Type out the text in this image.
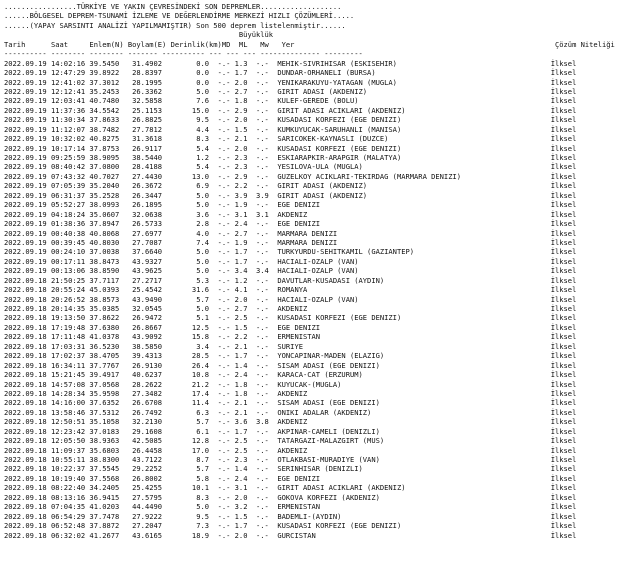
.................TÜRKİYE VE YAKIN ÇEVRESİNDEKİ SON DEPREMLER...................
......BÖLGESEL DEPREM-TSUNAMİ İZLEME VE DEĞERLENDİRME MERKEZİ HIZLI ÇÖZÜMLERİ.....
......(YAPAY SARSINTI ANALİZİ YAPILMAMIŞTIR) Son 500 deprem listelenmiştir......
Büyüklük
Tarih      Saat     Enlem(N) Boylam(E) Derinlik(km)MD  ML   Mw   Yer                                                             Çözüm Niteliği
---------- -------- -------- ------- ---------- --- --- --- -------------- ---------
2022.09.19 14:02:16 39.5450   31.4902        0.0  -.- 1.3  -.-  MEHIK-SIVRIHISAR (ESKISEHIR)                                    İlksel
2022.09.19 12:47:29 39.8922   28.8397        0.0  -.- 1.7  -.-  DUNDAR-ORHANELI (BURSA)                                         İlksel
2022.09.19 12:41:02 37.3012   28.1995        0.0  -.- 2.0  -.-  YENIKARAKUYU-YATAGAN (MUGLA)                                    İlksel
2022.09.19 12:12:41 35.2453   26.3362        5.0  -.- 2.7  -.-  GIRIT ADASI (AKDENIZ)                                           İlksel
2022.09.19 12:03:41 40.7480   32.5858        7.6  -.- 1.8  -.-  KULEF-GEREDE (BOLU)                                             İlksel
2022.09.19 11:37:36 34.5542   25.1153       15.0  -.- 2.9  -.-  GIRIT ADASI ACIKLARI (AKDENIZ)                                  İlksel
2022.09.19 11:30:34 37.8633   26.8825        9.5  -.- 2.0  -.-  KUSADASI KORFEZI (EGE DENIZI)                                   İlksel
2022.09.19 11:12:07 38.7482   27.7812        4.4  -.- 1.5  -.-  KUMKUYUCAK-SARUHANLI (MANISA)                                   İlksel
2022.09.19 10:32:02 40.8275   31.3618        8.3  -.- 2.1  -.-  SARICOKEK-KAYNASLI (DUZCE)                                      İlksel
2022.09.19 10:17:14 37.8753   26.9117        5.4  -.- 2.0  -.-  KUSADASI KORFEZI (EGE DENIZI)                                   İlksel
2022.09.19 09:25:59 38.9095   38.5440        1.2  -.- 2.3  -.-  ESKIARAPKIR-ARAPGIR (MALATYA)                                   İlksel
2022.09.19 08:40:42 37.0800   28.4188        5.4  -.- 2.3  -.-  YESILOVA-ULA (MUGLA)                                            İlksel
2022.09.19 07:43:32 40.7027   27.4430       13.0  -.- 2.9  -.-  GUZELKOY ACIKLARI-TEKIRDAG (MARMARA DENIZI)                     İlksel
2022.09.19 07:05:39 35.2040   26.3672        6.9  -.- 2.2  -.-  GIRIT ADASI (AKDENIZ)                                           İlksel
2022.09.19 06:31:37 35.2528   26.3447        5.0  -.- 3.9  3.9  GIRIT ADASI (AKDENIZ)                                           İlksel
2022.09.19 05:52:27 38.0993   26.1895        5.0  -.- 1.9  -.-  EGE DENIZI                                                      İlksel
2022.09.19 04:18:24 35.0607   32.0638        3.6  -.- 3.1  3.1  AKDENIZ                                                         İlksel
2022.09.19 01:38:36 37.8947   26.5733        2.8  -.- 2.4  -.-  EGE DENIZI                                                      İlksel
2022.09.19 00:40:38 40.8068   27.6977        4.0  -.- 2.7  -.-  MARMARA DENIZI                                                  İlksel
2022.09.19 00:39:45 40.8030   27.7087        7.4  -.- 1.9  -.-  MARMARA DENIZI                                                  İlksel
2022.09.19 00:24:10 37.0038   37.6640        5.0  -.- 1.7  -.-  TURKYURDU-SEHITKAMIL (GAZIANTEP)                                İlksel
2022.09.19 00:17:11 38.8473   43.9327        5.0  -.- 1.7  -.-  HACIALI-OZALP (VAN)                                             İlksel
2022.09.19 00:13:06 38.8590   43.9625        5.0  -.- 3.4  3.4  HACIALI-OZALP (VAN)                                             İlksel
2022.09.18 21:50:25 37.7117   27.2717        5.3  -.- 1.2  -.-  DAVUTLAR-KUSADASI (AYDIN)                                       İlksel
2022.09.18 20:55:24 45.0393   25.4542       31.6  -.- 4.1  -.-  ROMANYA                                                         İlksel
2022.09.18 20:26:52 38.8573   43.9490        5.7  -.- 2.0  -.-  HACIALI-OZALP (VAN)                                             İlksel
2022.09.18 20:14:35 35.0385   32.0545        5.0  -.- 2.7  -.-  AKDENIZ                                                         İlksel
2022.09.18 19:13:50 37.8622   26.9472        5.1  -.- 2.5  -.-  KUSADASI KORFEZI (EGE DENIZI)                                   İlksel
2022.09.18 17:19:48 37.6380   26.8667       12.5  -.- 1.5  -.-  EGE DENIZI                                                      İlksel
2022.09.18 17:11:48 41.0378   43.9092       15.8  -.- 2.2  -.-  ERMENISTAN                                                      İlksel
2022.09.18 17:03:31 36.5230   38.5850        3.4  -.- 2.1  -.-  SURIYE                                                          İlksel
2022.09.18 17:02:37 38.4705   39.4313       28.5  -.- 1.7  -.-  YONCAPINAR-MADEN (ELAZIG)                                       İlksel
2022.09.18 16:34:11 37.7767   26.9130       26.4  -.- 1.4  -.-  SISAM ADASI (EGE DENIZI)                                        İlksel
2022.09.18 15:21:45 39.4917   40.6237       10.8  -.- 2.4  -.-  KARACA-CAT (ERZURUM)                                            İlksel
2022.09.18 14:57:08 37.0568   28.2622       21.2  -.- 1.8  -.-  KUYUCAK-(MUGLA)                                                 İlksel
2022.09.18 14:28:34 35.9598   27.3482       17.4  -.- 1.8  -.-  AKDENIZ                                                         İlksel
2022.09.18 14:16:00 37.6352   26.6708       11.4  -.- 2.1  -.-  SISAM ADASI (EGE DENIZI)                                        İlksel
2022.09.18 13:58:46 37.5312   26.7492        6.3  -.- 2.1  -.-  ONIKI ADALAR (AKDENIZ)                                          İlksel
2022.09.18 12:50:51 35.1058   32.2130        5.7  -.- 3.6  3.8  AKDENIZ                                                         İlksel
2022.09.18 12:23:42 37.0183   29.1608        6.1  -.- 1.7  -.-  AKPINAR-CAMELI (DENIZLI)                                        İlksel
2022.09.18 12:05:50 38.9363   42.5085       12.8  -.- 2.5  -.-  TATARGAZI-MALAZGIRT (MUS)                                       İlksel
2022.09.18 11:09:37 35.6803   26.4458       17.0  -.- 2.5  -.-  AKDENIZ                                                         İlksel
2022.09.18 10:55:11 38.8300   43.7122        8.7  -.- 2.3  -.-  OTLAKBASI-MURADIYE (VAN)                                        İlksel
2022.09.18 10:22:37 37.5545   29.2252        5.7  -.- 1.4  -.-  SERINHISAR (DENIZLI)                                            İlksel
2022.09.18 10:19:40 37.5568   26.8002        5.8  -.- 2.4  -.-  EGE DENIZI                                                      İlksel
2022.09.18 08:22:40 34.2405   25.4255       10.1  -.- 3.1  -.-  GIRIT ADASI ACIKLARI (AKDENIZ)                                  İlksel
2022.09.18 08:13:16 36.9415   27.5795        8.3  -.- 2.0  -.-  GOKOVA KORFEZI (AKDENIZ)                                        İlksel
2022.09.18 07:04:35 41.0203   44.4490        5.0  -.- 3.2  -.-  ERMENISTAN                                                      İlksel
2022.09.18 06:54:29 37.7478   27.9222        9.5  -.- 1.5  -.-  BADEMLI-(AYDIN)                                                 İlksel
2022.09.18 06:52:48 37.8872   27.2047        7.3  -.- 1.7  -.-  KUSADASI KORFEZI (EGE DENIZI)                                   İlksel
2022.09.18 06:32:02 41.2677   43.6165       18.9  -.- 2.0  -.-  GURCISTAN                                                       İlksel
